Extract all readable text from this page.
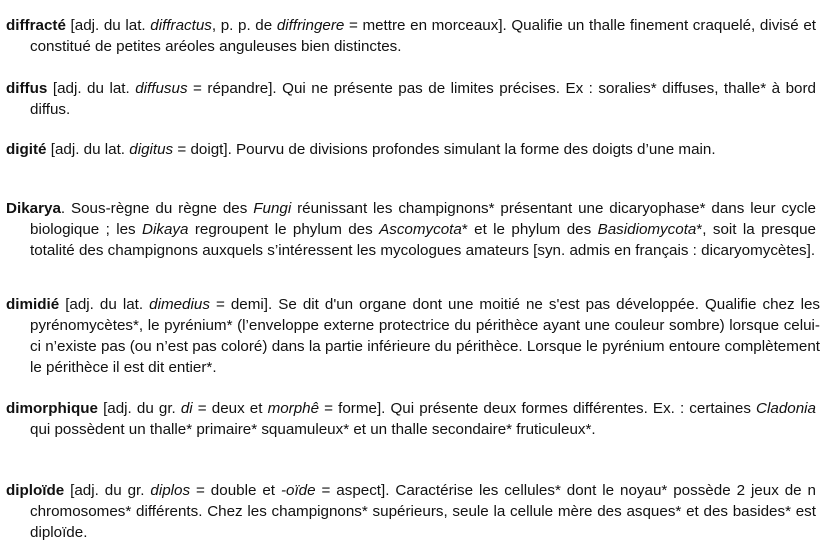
diffracté [adj. du lat. diffractus, p. p. de diffringere = mettre en morceaux]. Qualifie un thalle finement craquelé, divisé et constitué de petites aréoles anguleuses bien distinctes.

diffus [adj. du lat. diffusus = répandre]. Qui ne présente pas de limites précises. Ex : soralies* diffuses, thalle* à bord diffus.

digité [adj. du lat. digitus = doigt]. Pourvu de divisions profondes simulant la forme des doigts d’une main.

Dikarya. Sous-règne du règne des Fungi réunissant les champignons* présentant une dicaryophase* dans leur cycle biologique ; les Dikaya regroupent le phylum des Ascomycota* et le phylum des Basidiomycota*, soit la presque totalité des champignons auxquels s’intéressent les mycologues amateurs [syn. admis en français : dicaryomycètes].

dimidié [adj. du lat. dimedius = demi]. Se dit d'un organe dont une moitié ne s'est pas développée. Qualifie chez les pyrénomycètes*, le pyrénium* (l’enveloppe externe protectrice du périthèce ayant une couleur sombre) lorsque celui-ci n’existe pas (ou n’est pas coloré) dans la partie inférieure du périthèce. Lorsque le pyrénium entoure complètement le périthèce il est dit entier*.

dimorphique [adj. du gr. di = deux et morphê = forme]. Qui présente deux formes différentes. Ex. : certaines Cladonia qui possèdent un thalle* primaire* squamuleux* et un thalle secondaire* fruticuleux*.

diploïde [adj. du gr. diplos = double et -oïde = aspect]. Caractérise les cellules* dont le noyau* possède 2 jeux de n chromosomes* différents. Chez les champignons* supérieurs, seule la cellule mère des asques* et des basides* est diploïde.
